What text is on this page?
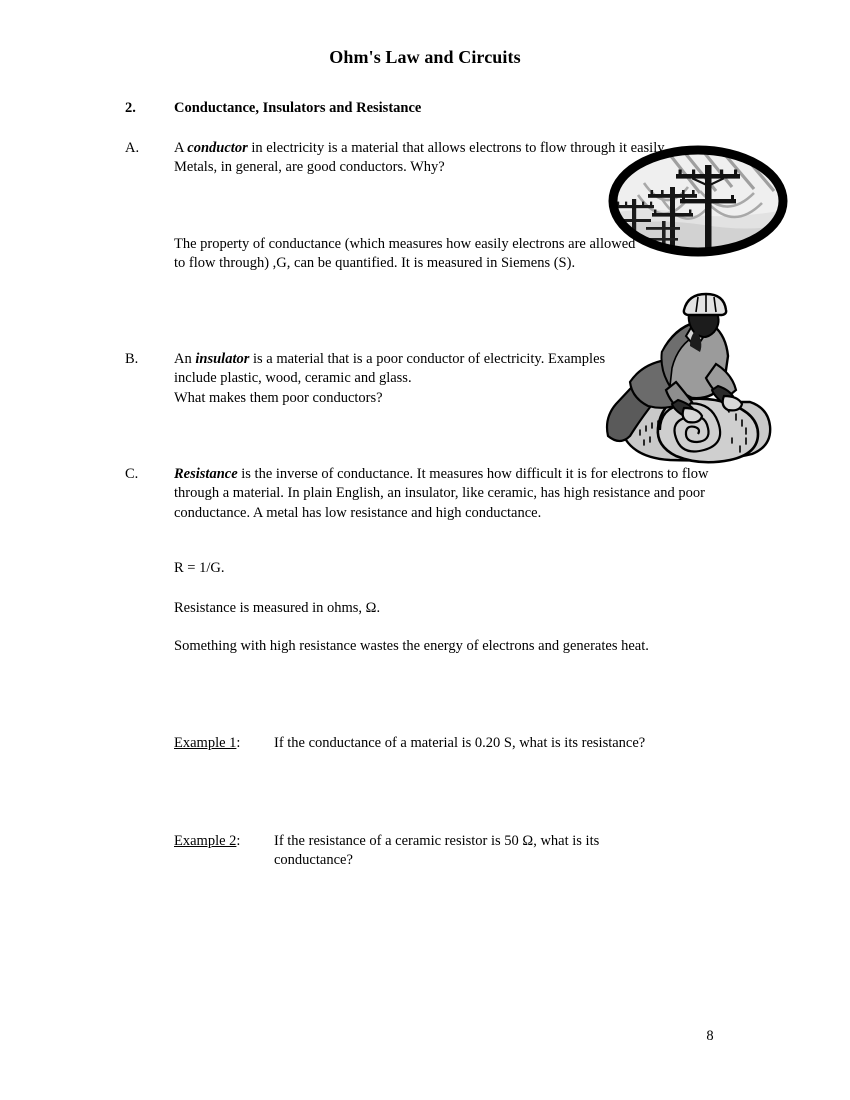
Ohm's Law and Circuits
2.	Conductance, Insulators and Resistance
A.	A conductor in electricity is a material that allows electrons to flow through it easily. Metals, in general, are good conductors. Why?
The property of conductance (which measures how easily electrons are allowed to flow through) ,G, can be quantified. It is measured in Siemens (S).
B.	An insulator is a material that is a poor conductor of electricity. Examples include plastic, wood, ceramic and glass.
What makes them poor conductors?
C.	Resistance is the inverse of conductance. It measures how difficult it is for electrons to flow through a material. In plain English, an insulator, like ceramic, has high resistance and poor conductance. A metal has low resistance and high conductance.
R = 1/G.
Resistance is measured in ohms, Ω.
Something with high resistance wastes the energy of electrons and generates heat.
Example 1: If the conductance of a material is 0.20 S, what is its resistance?
Example 2: If the resistance of a ceramic resistor is 50 Ω, what is its conductance?
8
